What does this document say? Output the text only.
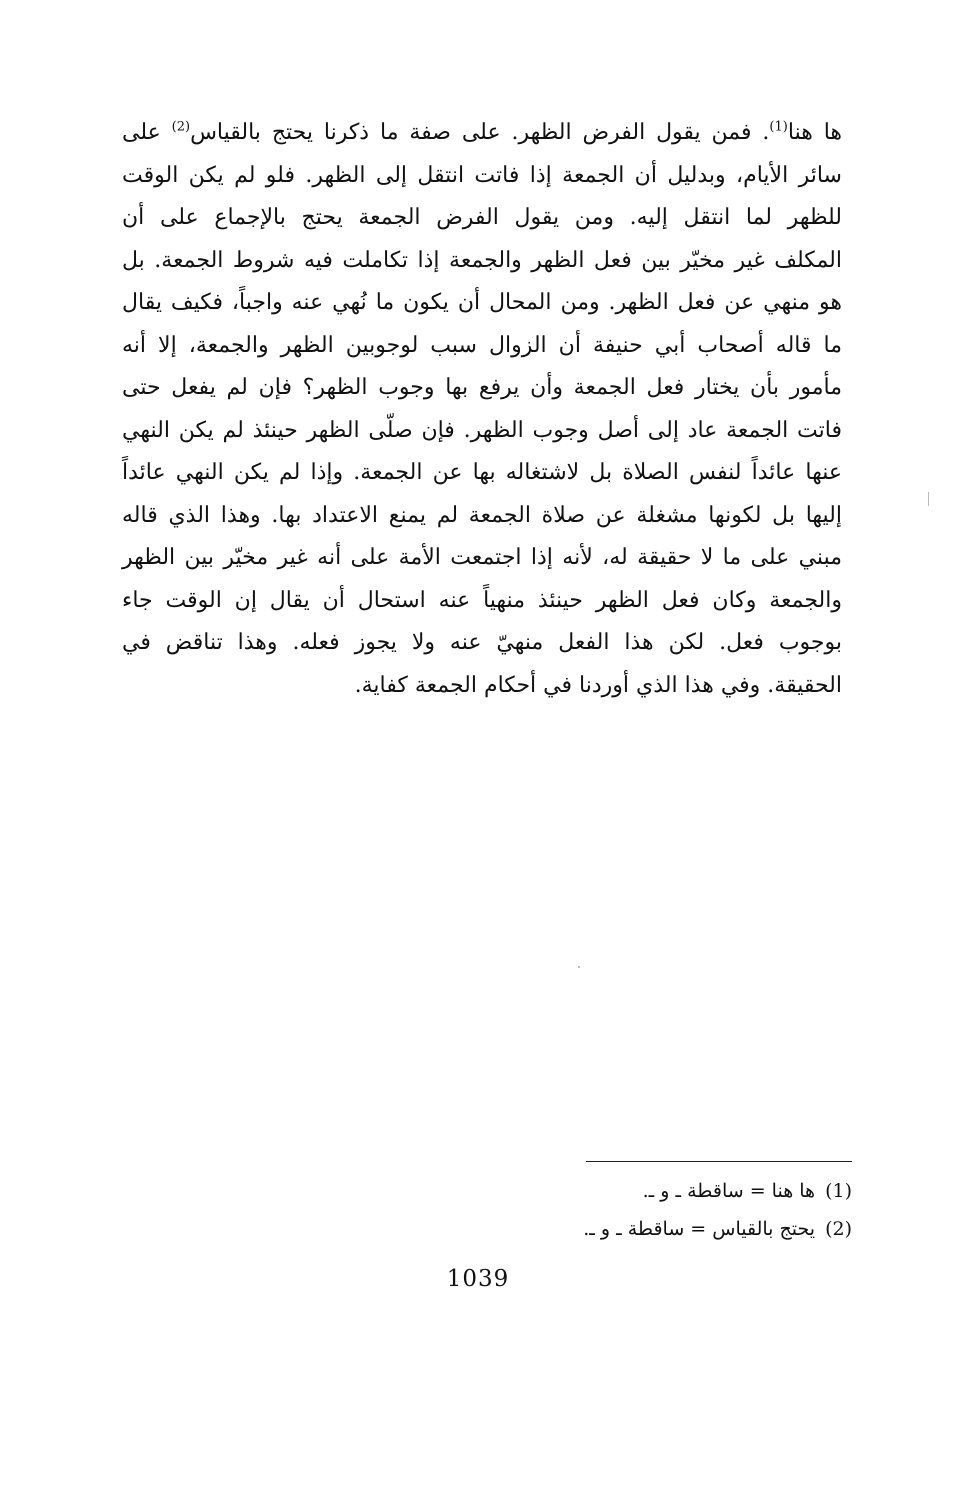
ها هنا$^{(1)}$. فمن يقول الفرض الظهر. على صفة ما ذكرنا يحتج بالقياس$^{(2)}$ على
سائر الأيام، وبدليل أن الجمعة إذا فاتت انتقل إلى الظهر. فلو لم يكن الوقت
للظهر لما انتقل إليه. ومن يقول الفرض الجمعة يحتج بالإجماع على أن
المكلف غير مخيّر بين فعل الظهر والجمعة إذا تكاملت فيه شروط الجمعة. بل
هو منهي عن فعل الظهر. ومن المحال أن يكون ما نُهي عنه واجباً، فكيف يقال
ما قاله أصحاب أبي حنيفة أن الزوال سبب لوجوبين الظهر والجمعة، إلا أنه
مأمور بأن يختار فعل الجمعة وأن يرفع بها وجوب الظهر؟ فإن لم يفعل حتى
فاتت الجمعة عاد إلى أصل وجوب الظهر. فإن صلّى الظهر حينئذ لم يكن النهي
عنها عائداً لنفس الصلاة بل لاشتغاله بها عن الجمعة. وإذا لم يكن النهي عائداً
إليها بل لكونها مشغلة عن صلاة الجمعة لم يمنع الاعتداد بها. وهذا الذي قاله
مبني على ما لا حقيقة له، لأنه إذا اجتمعت الأمة على أنه غير مخيّر بين الظهر
والجمعة وكان فعل الظهر حينئذ منهياً عنه استحال أن يقال إن الوقت جاء
بوجوب فعل. لكن هذا الفعل منهيّ عنه ولا يجوز فعله. وهذا تناقض في
الحقيقة. وفي هذا الذي أوردنا في أحكام الجمعة كفاية.
(1)ها هنا = ساقطة ـ و ـ.
(2)يحتج بالقياس = ساقطة ـ و ـ.
1039
